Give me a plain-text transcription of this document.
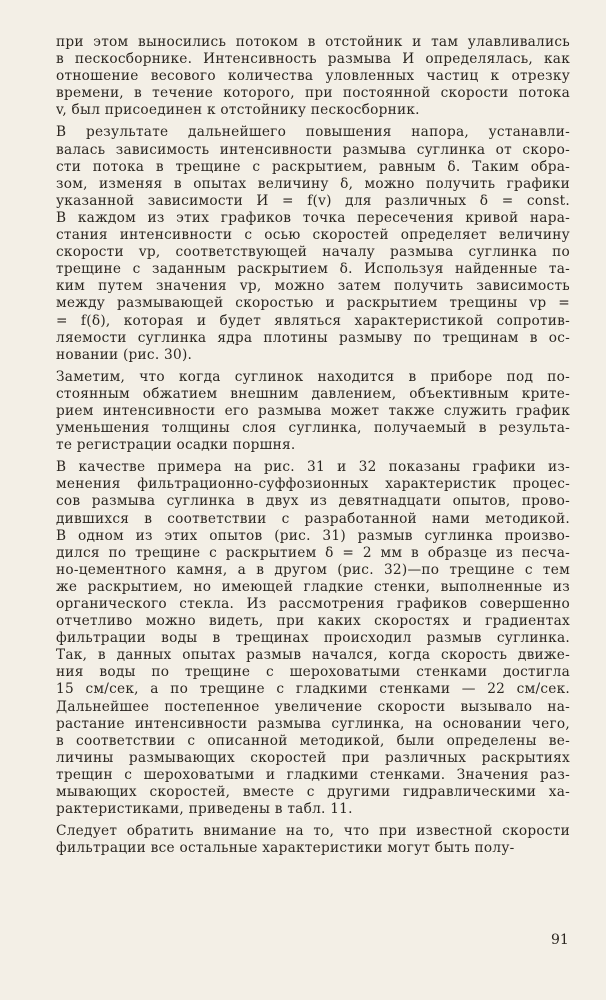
при этом выносились потоком в отстойник и там улавливались
в пескосборнике. Интенсивность размыва И определялась, как
отношение весового количества уловленных частиц к отрезку
времени, в течение которого, при постоянной скорости потока
v, был присоединен к отстойнику пескосборник.
В результате дальнейшего повышения напора, устанавли-
валась зависимость интенсивности размыва суглинка от скоро-
сти потока в трещине с раскрытием, равным δ. Таким обра-
зом, изменяя в опытах величину δ, можно получить графики
указанной зависимости И = f(v) для различных δ = const.
В каждом из этих графиков точка пересечения кривой нара-
стания интенсивности с осью скоростей определяет величину
скорости vр, соответствующей началу размыва суглинка по
трещине с заданным раскрытием δ. Используя найденные та-
ким путем значения vр, можно затем получить зависимость
между размывающей скоростью и раскрытием трещины vр =
= f(δ), которая и будет являться характеристикой сопротив-
ляемости суглинка ядра плотины размыву по трещинам в ос-
новании (рис. 30).
Заметим, что когда суглинок находится в приборе под по-
стоянным обжатием внешним давлением, объективным крите-
рием интенсивности его размыва может также служить график
уменьшения толщины слоя суглинка, получаемый в результа-
те регистрации осадки поршня.
В качестве примера на рис. 31 и 32 показаны графики из-
менения фильтрационно-суффозионных характеристик процес-
сов размыва суглинка в двух из девятнадцати опытов, прово-
дившихся в соответствии с разработанной нами методикой.
В одном из этих опытов (рис. 31) размыв суглинка произво-
дился по трещине с раскрытием δ = 2 мм в образце из песча-
но-цементного камня, а в другом (рис. 32)—по трещине с тем
же раскрытием, но имеющей гладкие стенки, выполненные из
органического стекла. Из рассмотрения графиков совершенно
отчетливо можно видеть, при каких скоростях и градиентах
фильтрации воды в трещинах происходил размыв суглинка.
Так, в данных опытах размыв начался, когда скорость движе-
ния воды по трещине с шероховатыми стенками достигла
15 см/сек, а по трещине с гладкими стенками — 22 см/сек.
Дальнейшее постепенное увеличение скорости вызывало на-
растание интенсивности размыва суглинка, на основании чего,
в соответствии с описанной методикой, были определены ве-
личины размывающих скоростей при различных раскрытиях
трещин с шероховатыми и гладкими стенками. Значения раз-
мывающих скоростей, вместе с другими гидравлическими ха-
рактеристиками, приведены в табл. 11.
Следует обратить внимание на то, что при известной скорости
фильтрации все остальные характеристики могут быть полу-
91
